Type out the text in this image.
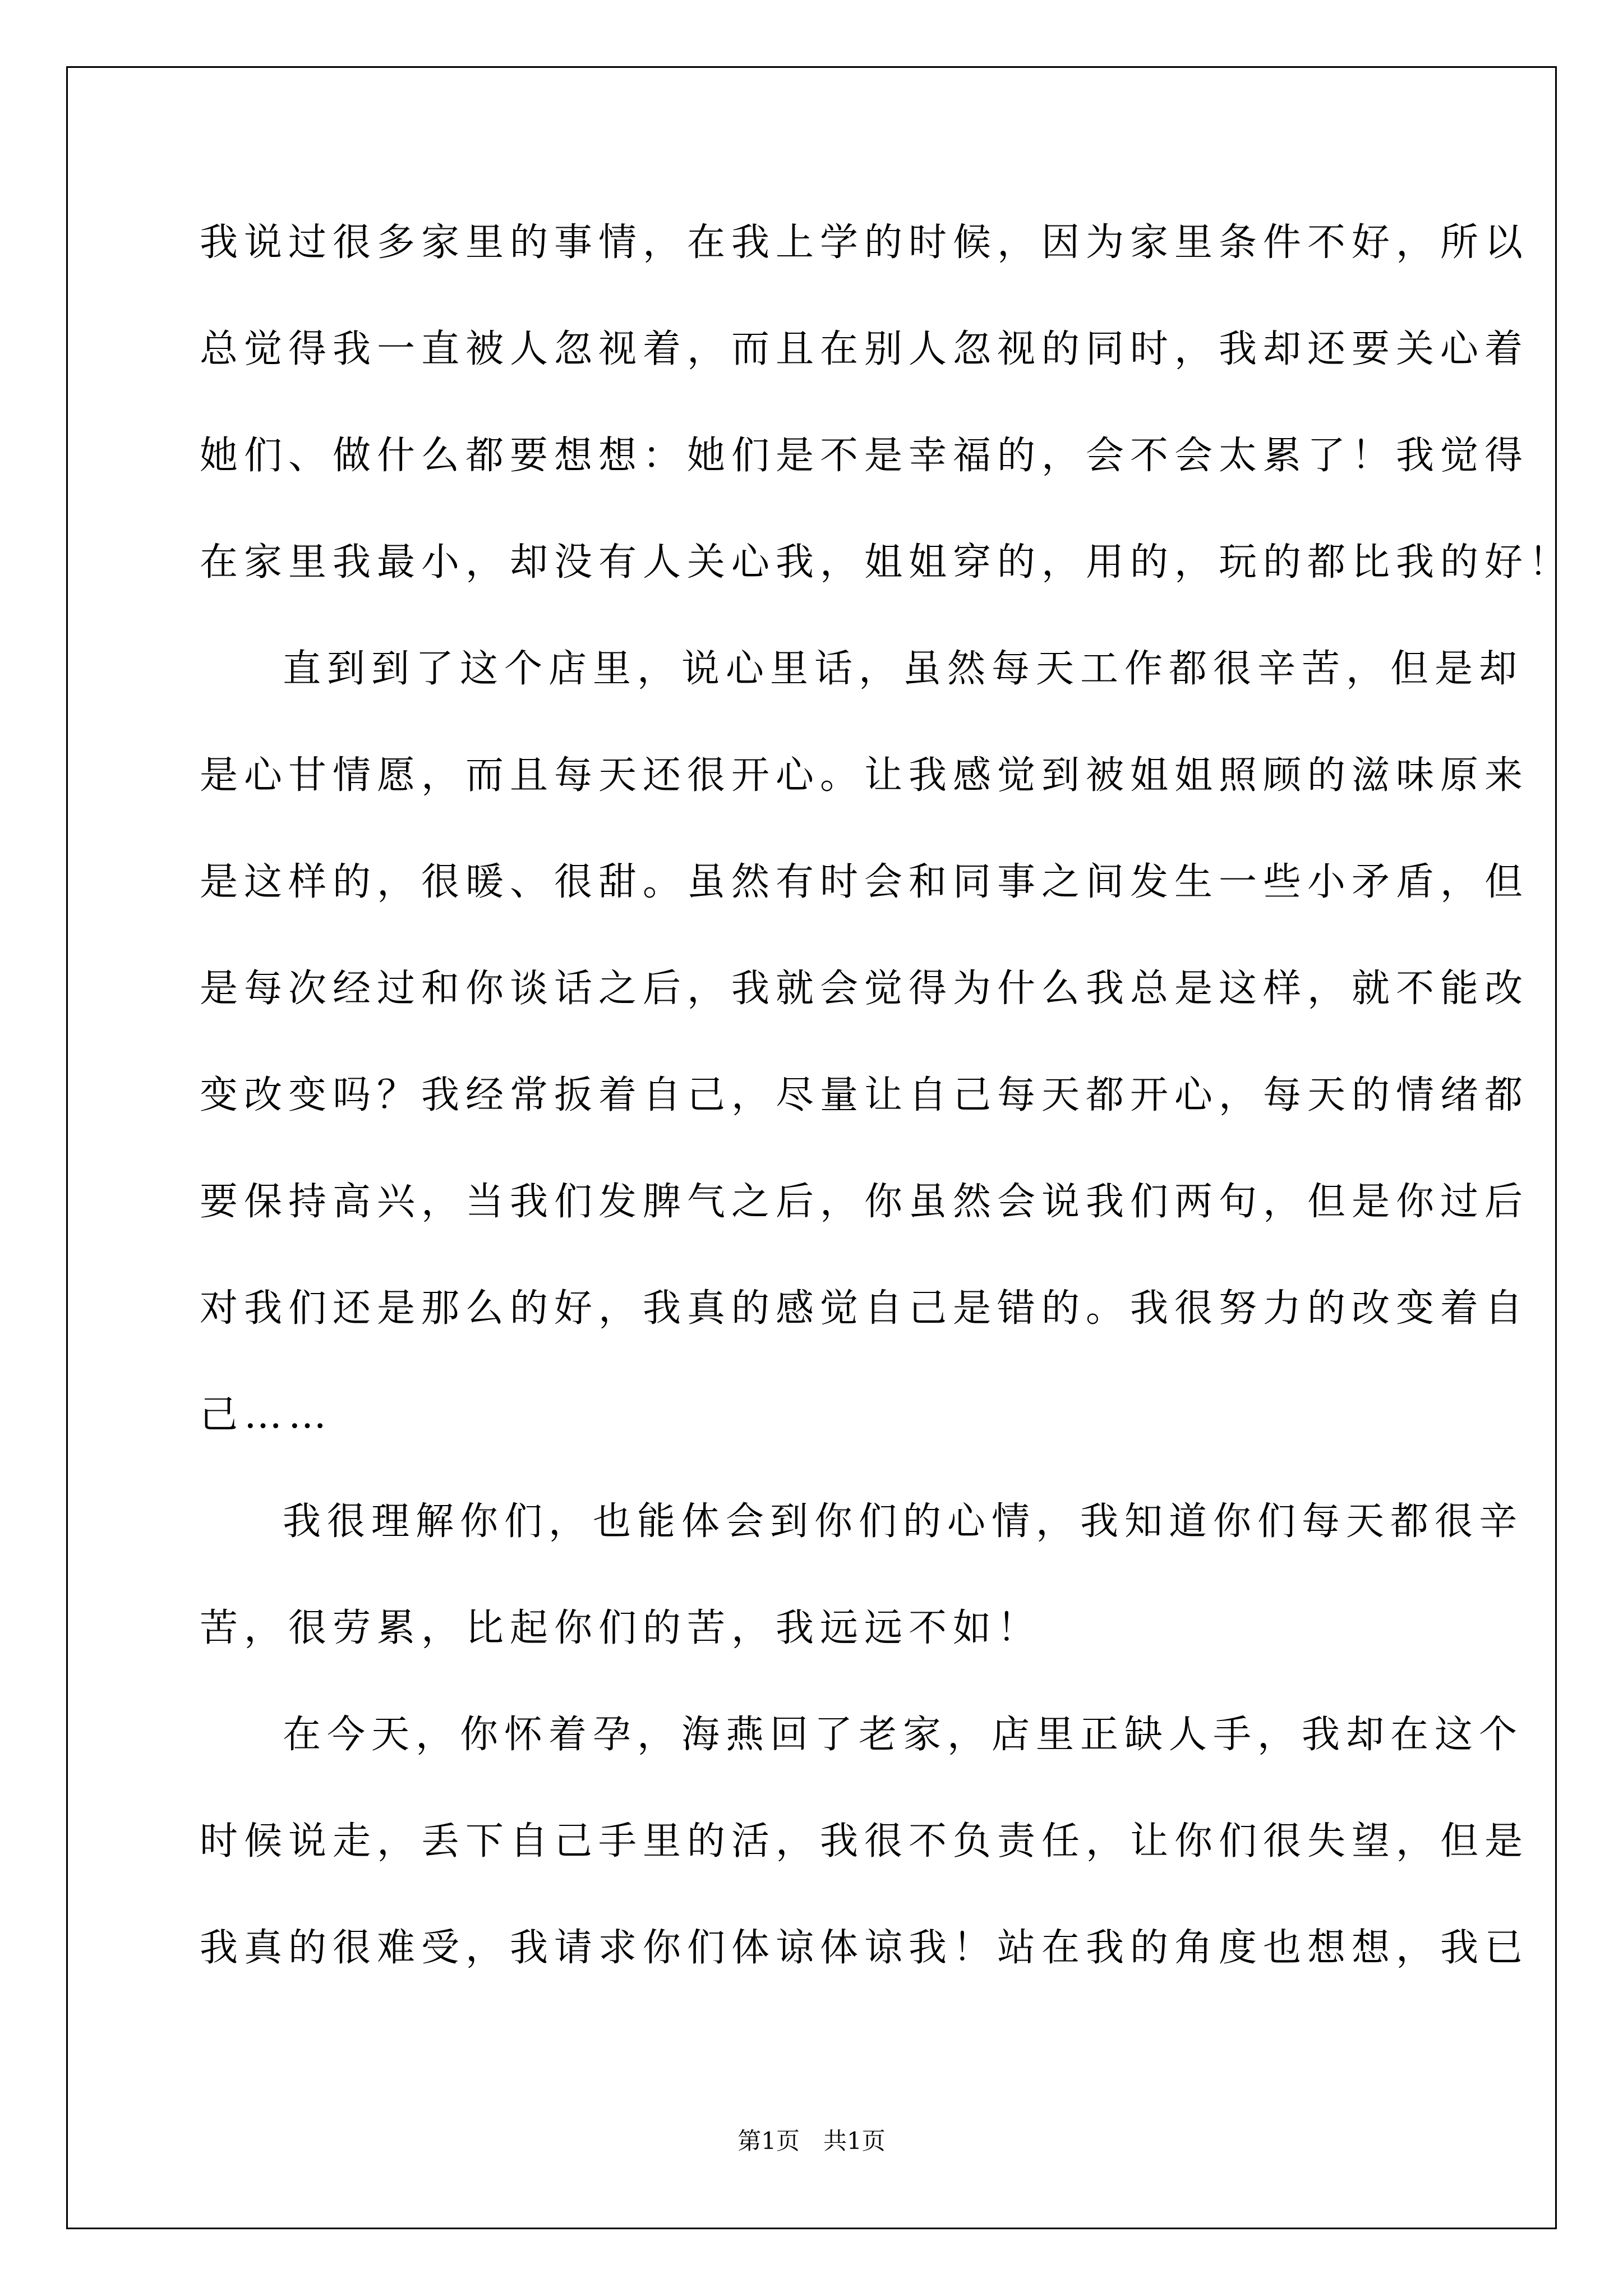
我说过很多家里的事情，在我上学的时候，因为家里条件不好，所以
总觉得我一直被人忽视着，而且在别人忽视的同时，我却还要关心着
她们、做什么都要想想：她们是不是幸福的，会不会太累了！我觉得
在家里我最小，却没有人关心我，姐姐穿的，用的，玩的都比我的好！
直到到了这个店里，说心里话，虽然每天工作都很辛苦，但是却
是心甘情愿，而且每天还很开心。让我感觉到被姐姐照顾的滋味原来
是这样的，很暖、很甜。虽然有时会和同事之间发生一些小矛盾，但
是每次经过和你谈话之后，我就会觉得为什么我总是这样，就不能改
变改变吗？我经常扳着自己，尽量让自己每天都开心，每天的情绪都
要保持高兴，当我们发脾气之后，你虽然会说我们两句，但是你过后
对我们还是那么的好，我真的感觉自己是错的。我很努力的改变着自
己……
我很理解你们，也能体会到你们的心情，我知道你们每天都很辛
苦，很劳累，比起你们的苦，我远远不如！
在今天，你怀着孕，海燕回了老家，店里正缺人手，我却在这个
时候说走，丢下自己手里的活，我很不负责任，让你们很失望，但是
我真的很难受，我请求你们体谅体谅我！站在我的角度也想想，我已
第1页　共1页
